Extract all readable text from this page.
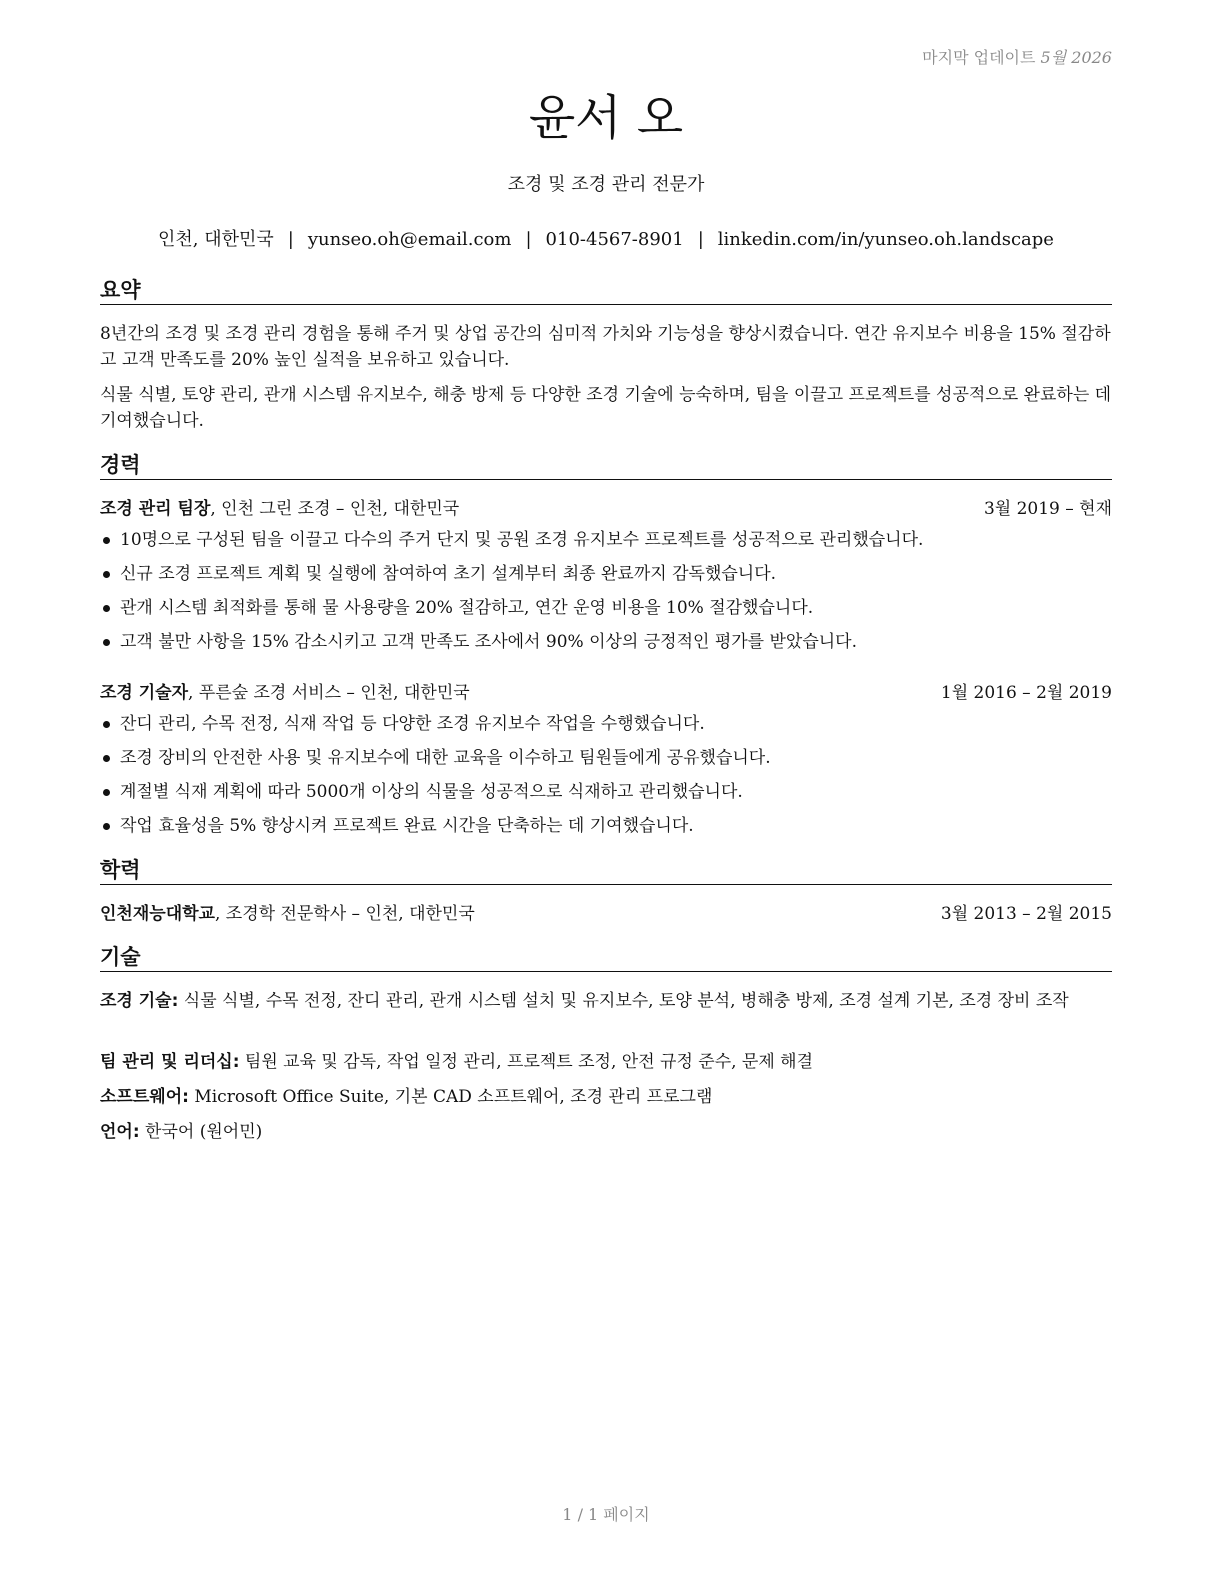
마지막 업데이트 5월 2026
윤서 오
조경 및 조경 관리 전문가
인천, 대한민국 | yunseo.oh@email.com | 010-4567-8901 | linkedin.com/in/yunseo.oh.landscape
요약

8년간의 조경 및 조경 관리 경험을 통해 주거 및 상업 공간의 심미적 가치와 기능성을 향상시켰습니다. 연간 유지보수 비용을 15% 절감하고 고객 만족도를 20% 높인 실적을 보유하고 있습니다.

식물 식별, 토양 관리, 관개 시스템 유지보수, 해충 방제 등 다양한 조경 기술에 능숙하며, 팀을 이끌고 프로젝트를 성공적으로 완료하는 데 기여했습니다.

경력
조경 관리 팀장, 인천 그린 조경 – 인천, 대한민국	3월 2019 – 현재
10명으로 구성된 팀을 이끌고 다수의 주거 단지 및 공원 조경 유지보수 프로젝트를 성공적으로 관리했습니다.
신규 조경 프로젝트 계획 및 실행에 참여하여 초기 설계부터 최종 완료까지 감독했습니다.
관개 시스템 최적화를 통해 물 사용량을 20% 절감하고, 연간 운영 비용을 10% 절감했습니다.
고객 불만 사항을 15% 감소시키고 고객 만족도 조사에서 90% 이상의 긍정적인 평가를 받았습니다.
조경 기술자, 푸른숲 조경 서비스 – 인천, 대한민국	1월 2016 – 2월 2019
잔디 관리, 수목 전정, 식재 작업 등 다양한 조경 유지보수 작업을 수행했습니다.
조경 장비의 안전한 사용 및 유지보수에 대한 교육을 이수하고 팀원들에게 공유했습니다.
계절별 식재 계획에 따라 5000개 이상의 식물을 성공적으로 식재하고 관리했습니다.
작업 효율성을 5% 향상시켜 프로젝트 완료 시간을 단축하는 데 기여했습니다.
학력
인천재능대학교, 조경학 전문학사 – 인천, 대한민국	3월 2013 – 2월 2015
기술

조경 기술: 식물 식별, 수목 전정, 잔디 관리, 관개 시스템 설치 및 유지보수, 토양 분석, 병해충 방제, 조경 설계 기본, 조경 장비 조작

팀 관리 및 리더십: 팀원 교육 및 감독, 작업 일정 관리, 프로젝트 조정, 안전 규정 준수, 문제 해결

소프트웨어: Microsoft Office Suite, 기본 CAD 소프트웨어, 조경 관리 프로그램

언어: 한국어 (원어민)

1 / 1 페이지
